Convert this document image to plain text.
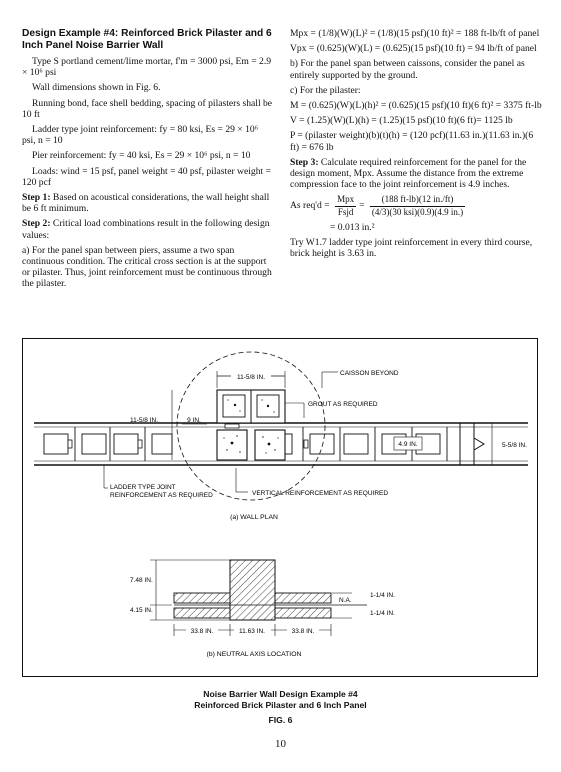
Design Example #4: Reinforced Brick Pilaster and 6 Inch Panel Noise Barrier Wall

Type S portland cement/lime mortar, f'm = 3000 psi, Em = 2.9 × 10⁶ psi

Wall dimensions shown in Fig. 6.

Running bond, face shell bedding, spacing of pilasters shall be 10 ft

Ladder type joint reinforcement: fy = 80 ksi, Es = 29 × 10⁶ psi, n = 10

Pier reinforcement: fy = 40 ksi, Es = 29 × 10⁶ psi, n = 10

Loads: wind = 15 psf, panel weight = 40 psf, pilaster weight = 120 pcf

Step 1: Based on acoustical considerations, the wall height shall be 6 ft minimum.

Step 2: Critical load combinations result in the following design values:

a) For the panel span between piers, assume a two span continuous condition. The critical cross section is at the support or pilaster. Thus, joint reinforcement must be continuous through the pilaster.

Mpx = (1/8)(W)(L)² = (1/8)(15 psf)(10 ft)² = 188 ft-lb/ft of panel

Vpx = (0.625)(W)(L) = (0.625)(15 psf)(10 ft) = 94 lb/ft of panel

b) For the panel span between caissons, consider the panel as entirely supported by the ground.

c) For the pilaster:

M = (0.625)(W)(L)(h)² = (0.625)(15 psf)(10 ft)(6 ft)² = 3375 ft-lb

V = (1.25)(W)(L)(h) = (1.25)(15 psf)(10 ft)(6 ft)= 1125 lb

P = (pilaster weight)(b)(t)(h) = (120 pcf)(11.63 in.)(11.63 in.)(6 ft) = 676 lb

Step 3: Calculate required reinforcement for the panel for the design moment, Mpx. Assume the distance from the extreme compression face to the joint reinforcement is 4.9 inches.

As $req'd = \frac{\text{Mpx}}{\text{Fsjd}} = \frac{(188 ft-lb)(12 in./ft)}{\text{(4/3)(30 ksi)(0.9)(4.9 in.)}}$

= 0.013 in.²

Try W1.7 ladder type joint reinforcement in every third course, brick height is 3.63 in.

11-5/8 IN.
11-5/8 IN.	9 IN.
4.9 IN.	5-5/8 IN.
CAISSON BEYOND
GROUT AS REQUIRED
LADDER TYPE JOINT
REINFORCEMENT AS REQUIRED	VERTICAL REINFORCEMENT AS REQUIRED
(a) WALL PLAN
N.A.
7.48 IN.
4.15 IN.
1-1/4 IN.
1-1/4 IN.
33.8 IN.	11.63 IN.	33.8 IN.
(b) NEUTRAL AXIS LOCATION
Noise Barrier Wall Design Example #4
Reinforced Brick Pilaster and 6 Inch Panel
FIG. 6
10
